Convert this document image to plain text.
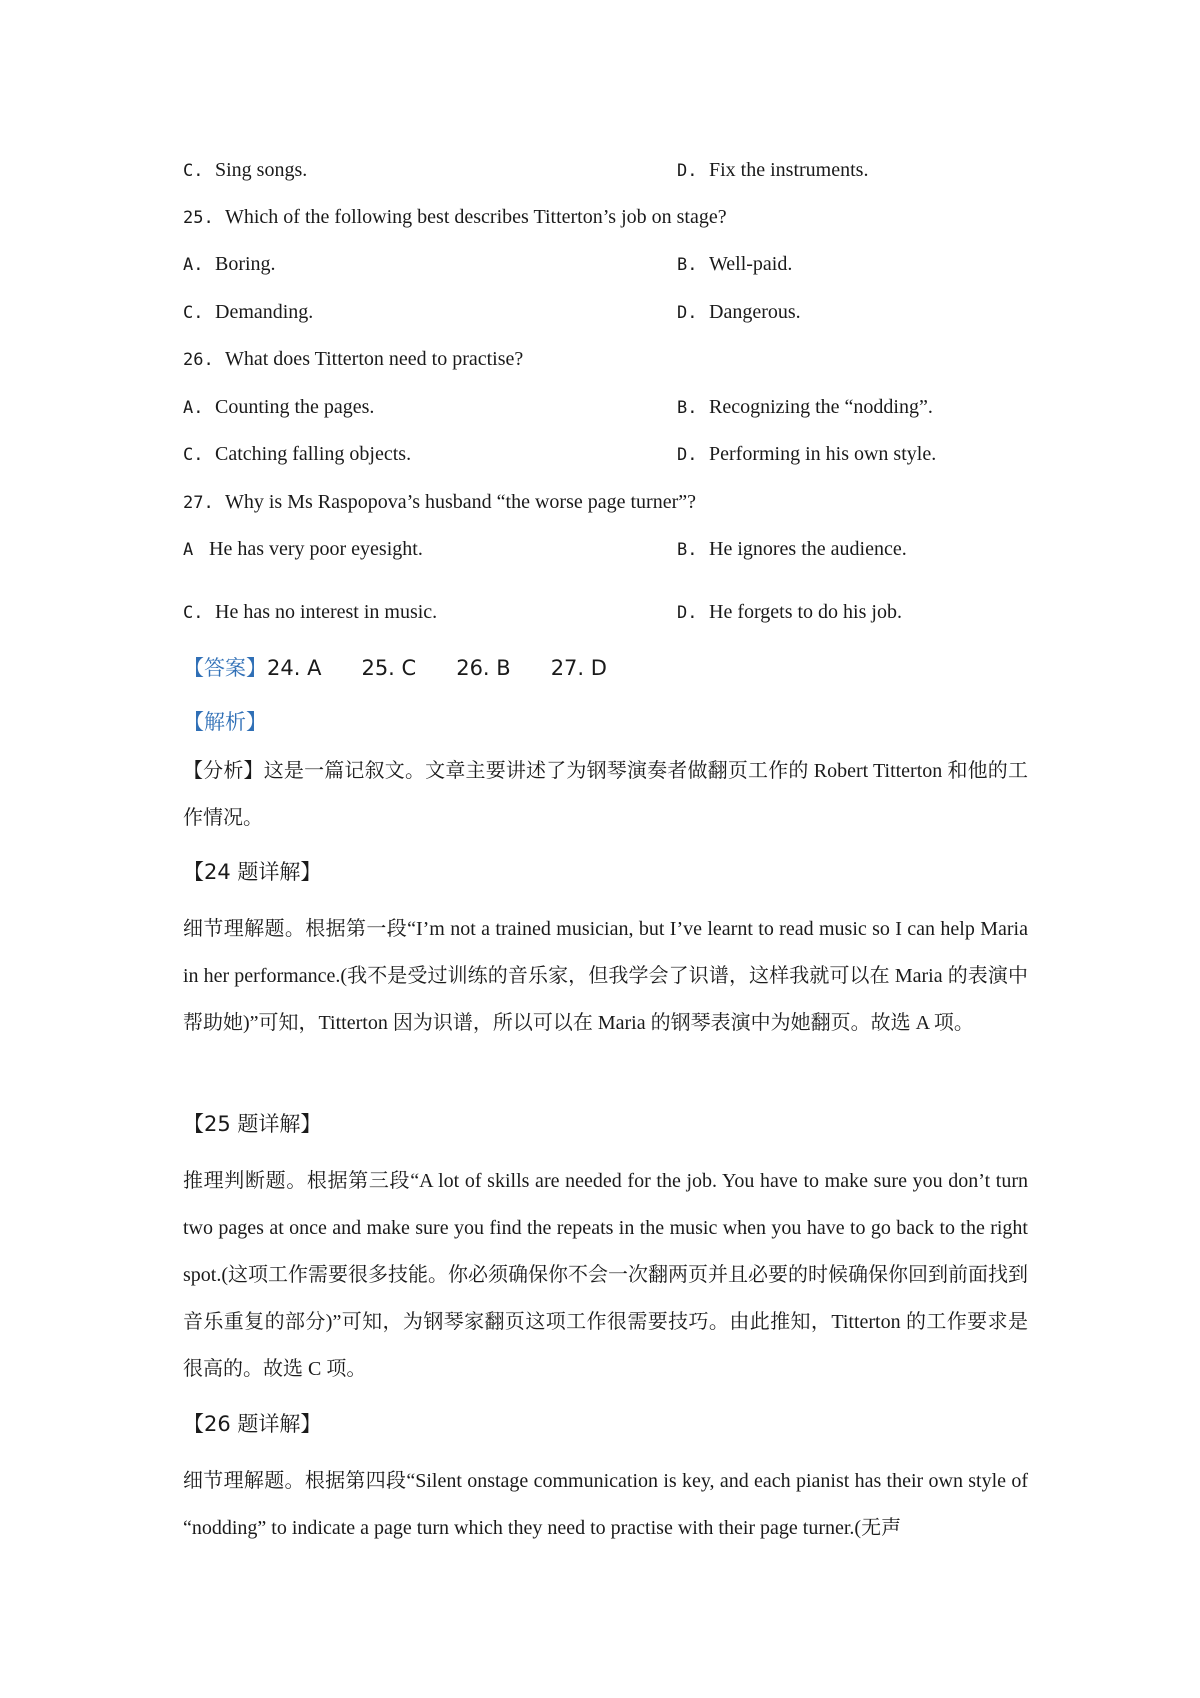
C. Sing songs.	D. Fix the instruments.
25. Which of the following best describes Titterton’s job on stage?
A. Boring.	B. Well-paid.
C. Demanding.	D. Dangerous.
26. What does Titterton need to practise?
A. Counting the pages.	B. Recognizing the “nodding”.
C. Catching falling objects.	D. Performing in his own style.
27. Why is Ms Raspopova’s husband “the worse page turner”?
A He has very poor eyesight.	B. He ignores the audience.
C. He has no interest in music.	D. He forgets to do his job.
【答案】24. A 25. C 26. B 27. D
【解析】
【分析】这是一篇记叙文。文章主要讲述了为钢琴演奏者做翻页工作的 Robert Titterton 和他的工作情况。
【24 题详解】
细节理解题。根据第一段“I’m not a trained musician, but I’ve learnt to read music so I can help Maria in her performance.(我不是受过训练的音乐家，但我学会了识谱，这样我就可以在 Maria 的表演中帮助她)”可知，Titterton 因为识谱，所以可以在 Maria 的钢琴表演中为她翻页。故选 A 项。
【25 题详解】
推理判断题。根据第三段“A lot of skills are needed for the job. You have to make sure you don’t turn two pages at once and make sure you find the repeats in the music when you have to go back to the right spot.(这项工作需要很多技能。你必须确保你不会一次翻两页并且必要的时候确保你回到前面找到音乐重复的部分)”可知，为钢琴家翻页这项工作很需要技巧。由此推知，Titterton 的工作要求是很高的。故选 C 项。
【26 题详解】
细节理解题。根据第四段“Silent onstage communication is key, and each pianist has their own style of “nodding” to indicate a page turn which they need to practise with their page turner.(无声
